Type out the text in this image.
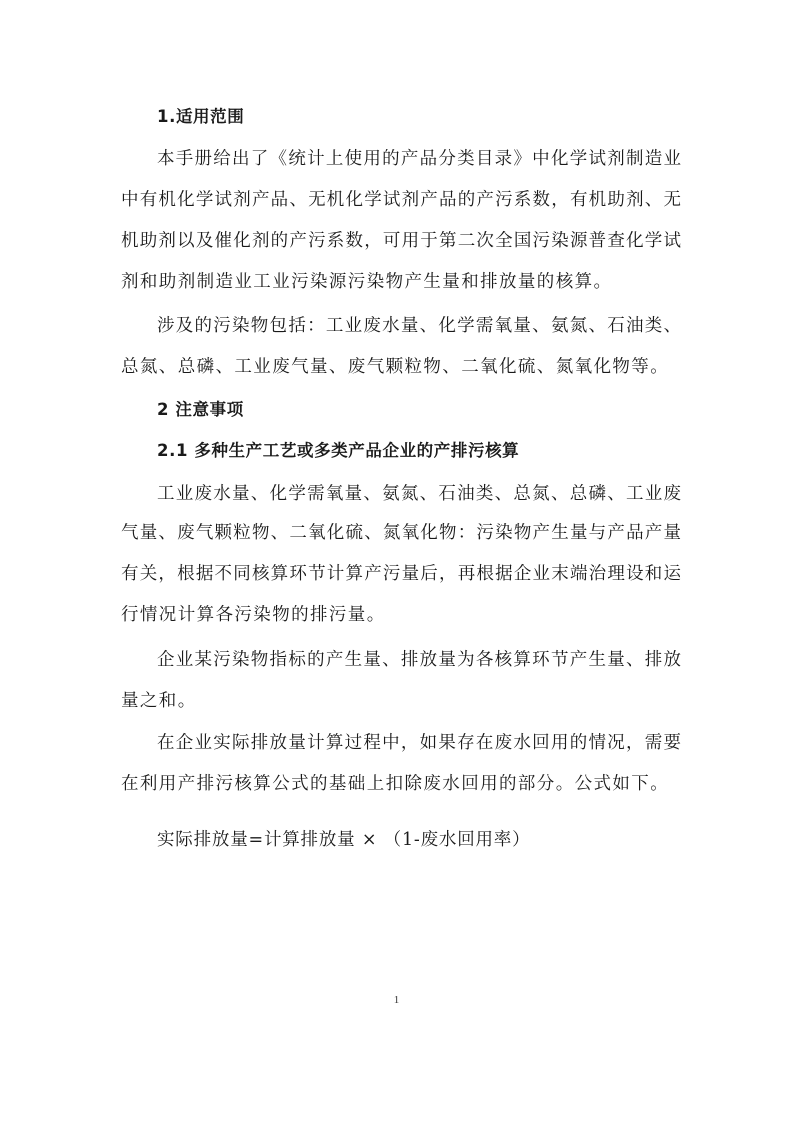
1.适用范围
本手册给出了《统计上使用的产品分类目录》中化学试剂制造业
中有机化学试剂产品、无机化学试剂产品的产污系数，有机助剂、无
机助剂以及催化剂的产污系数，可用于第二次全国污染源普查化学试
剂和助剂制造业工业污染源污染物产生量和排放量的核算。
涉及的污染物包括：工业废水量、化学需氧量、氨氮、石油类、
总氮、总磷、工业废气量、废气颗粒物、二氧化硫、氮氧化物等。
2 注意事项
2.1 多种生产工艺或多类产品企业的产排污核算
工业废水量、化学需氧量、氨氮、石油类、总氮、总磷、工业废
气量、废气颗粒物、二氧化硫、氮氧化物：污染物产生量与产品产量
有关，根据不同核算环节计算产污量后，再根据企业末端治理设和运
行情况计算各污染物的排污量。
企业某污染物指标的产生量、排放量为各核算环节产生量、排放
量之和。
在企业实际排放量计算过程中，如果存在废水回用的情况，需要
在利用产排污核算公式的基础上扣除废水回用的部分。公式如下。
实际排放量=计算排放量 × （1-废水回用率）
1
